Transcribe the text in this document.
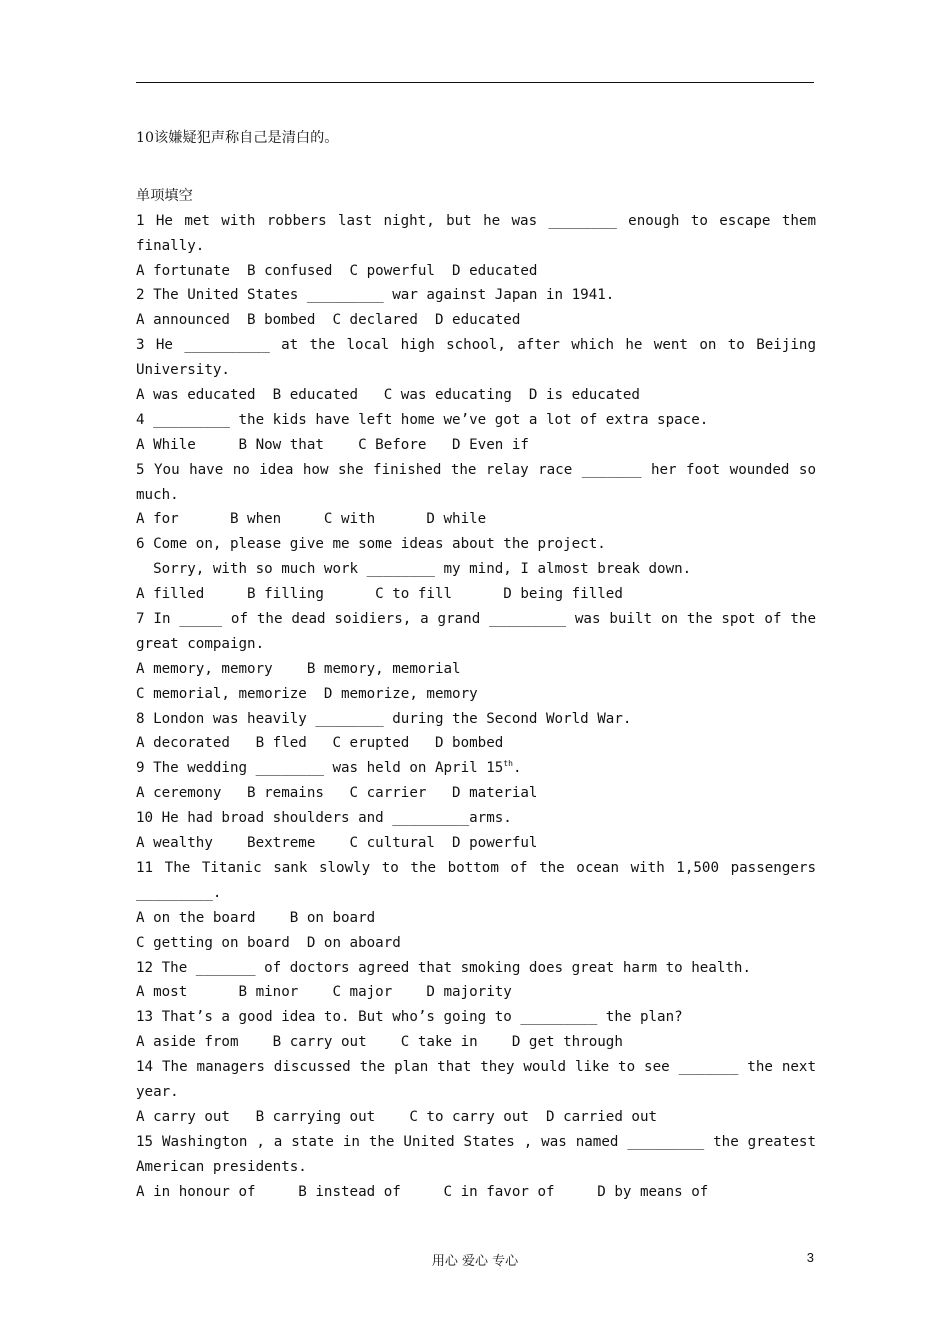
10该嫌疑犯声称自己是清白的。
单项填空
1 He met with robbers last night, but he was ________ enough to escape them
finally.
A fortunate  B confused  C powerful  D educated
2 The United States _________ war against Japan in 1941.
A announced  B bombed  C declared  D educated
3 He __________ at the local high school, after which he went on to Beijing
University.
A was educated  B educated   C was educating  D is educated
4 _________ the kids have left home we’ve got a lot of extra space.
A While     B Now that    C Before   D Even if
5 You have no idea how she finished the relay race _______ her foot wounded so
much.
A for      B when     C with      D while
6 Come on, please give me some ideas about the project.
Sorry, with so much work ________ my mind, I almost break down.
A filled     B filling      C to fill      D being filled
7 In _____ of the dead soidiers, a grand _________ was built on the spot of the
great compaign.
A memory, memory    B memory, memorial
C memorial, memorize  D memorize, memory
8 London was heavily ________ during the Second World War.
A decorated   B fled   C erupted   D bombed
9 The wedding ________ was held on April 15th.
A ceremony   B remains   C carrier   D material
10 He had broad shoulders and _________arms.
A wealthy    Bextreme    C cultural  D powerful
11 The Titanic sank slowly to the bottom of the ocean with 1,500 passengers
_________.
A on the board    B on board
C getting on board  D on aboard
12 The _______ of doctors agreed that smoking does great harm to health.
A most      B minor    C major    D majority
13 That’s a good idea to. But who’s going to _________ the plan?
A aside from    B carry out    C take in    D get through
14 The managers discussed the plan that they would like to see _______ the next
year.
A carry out   B carrying out    C to carry out  D carried out
15 Washington , a state in the United States , was named _________ the greatest
American presidents.
A in honour of     B instead of     C in favor of     D by means of
用心 爱心 专心	3
